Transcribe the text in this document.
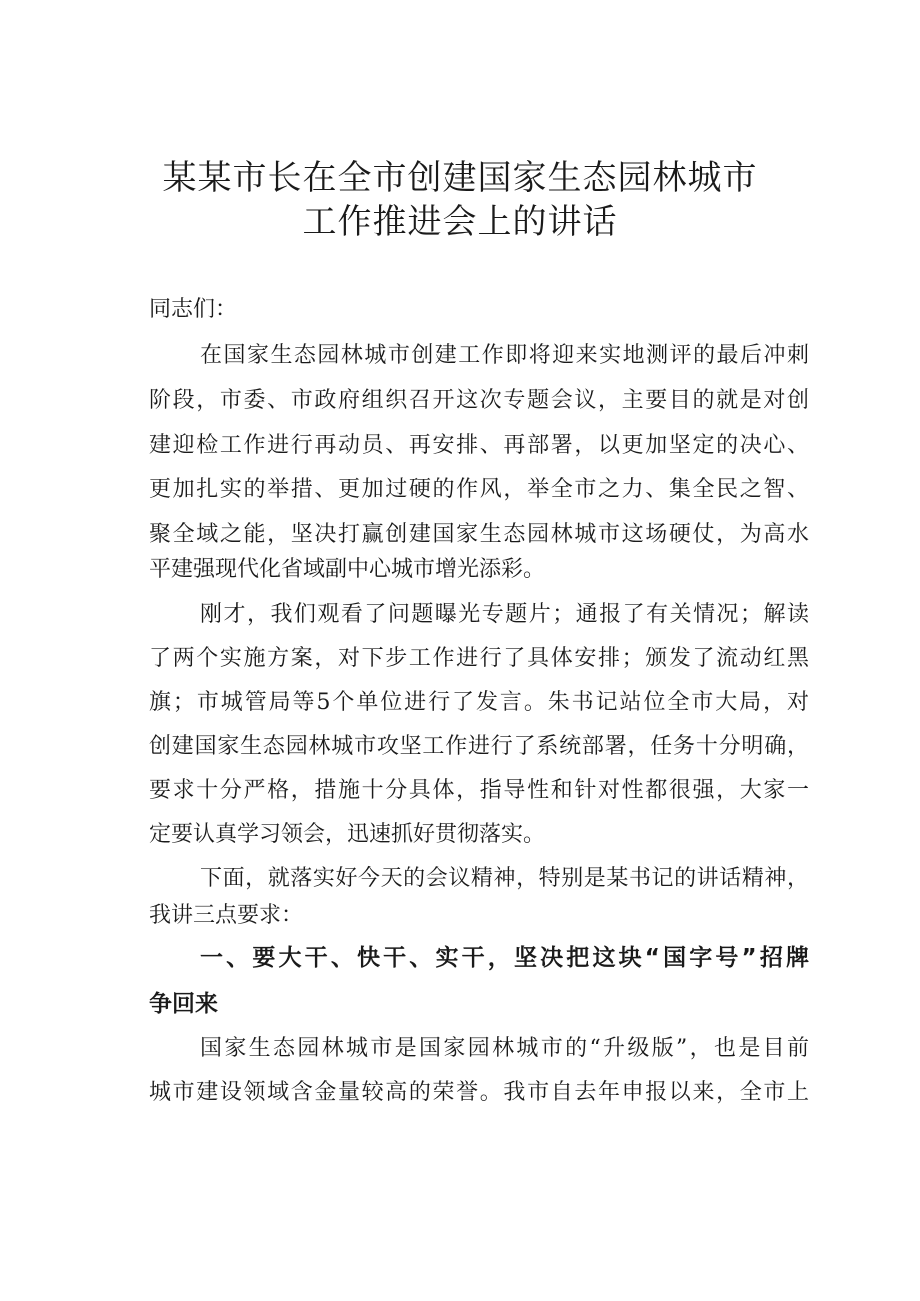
某某市长在全市创建国家生态园林城市
工作推进会上的讲话

同志们：

在国家生态园林城市创建工作即将迎来实地测评的最后冲刺

阶段，市委、市政府组织召开这次专题会议，主要目的就是对创

建迎检工作进行再动员、再安排、再部署，以更加坚定的决心、

更加扎实的举措、更加过硬的作风，举全市之力、集全民之智、

聚全域之能，坚决打赢创建国家生态园林城市这场硬仗，为高水

平建强现代化省域副中心城市增光添彩。

刚才，我们观看了问题曝光专题片；通报了有关情况；解读

了两个实施方案，对下步工作进行了具体安排；颁发了流动红黑

旗；市城管局等5个单位进行了发言。朱书记站位全市大局，对

创建国家生态园林城市攻坚工作进行了系统部署，任务十分明确，

要求十分严格，措施十分具体，指导性和针对性都很强，大家一

定要认真学习领会，迅速抓好贯彻落实。

下面，就落实好今天的会议精神，特别是某书记的讲话精神，

我讲三点要求：

一、要大干、快干、实干，坚决把这块“国字号”招牌

争回来

国家生态园林城市是国家园林城市的“升级版”，也是目前

城市建设领域含金量较高的荣誉。我市自去年申报以来，全市上
